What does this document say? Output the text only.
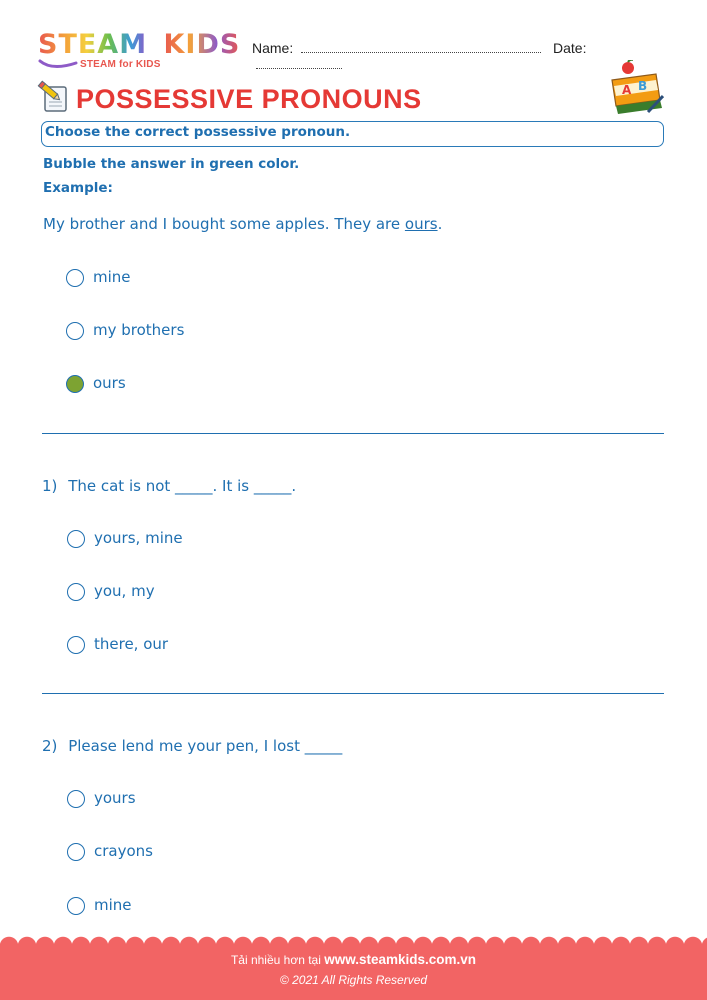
STEAM KIDS
STEAM for KIDS
Name:	Date:
POSSESSIVE PRONOUNS	A B
Choose the correct possessive pronoun.
Bubble the answer in green color.
Example:
My brother and I bought some apples. They are ours.
mine
my brothers
ours
1) The cat is not _____. It is _____.
yours, mine
you, my
there, our
2) Please lend me your pen, I lost _____
yours
crayons
mine
Tải nhiều hơn tại www.steamkids.com.vn
© 2021 All Rights Reserved
